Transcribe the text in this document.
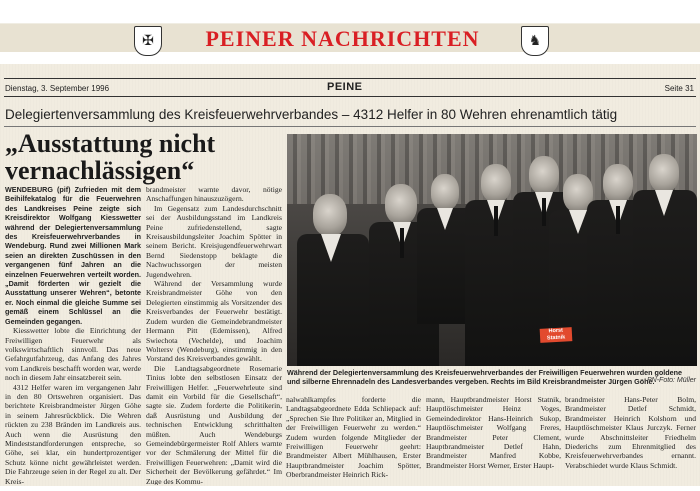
✠	PEINER NACHRICHTEN	♞
Dienstag, 3. September 1996	PEINE	Seite 31
Delegiertenversammlung des Kreisfeuerwehrverbandes – 4312 Helfer in 80 Wehren ehrenamtlich tätig
„Ausstattung nicht vernachlässigen“

WENDEBURG (pif) Zufrieden mit dem Beihilfekatalog für die Feuerwehren des Landkreises Peine zeigte sich Kreisdirektor Wolfgang Kiesswetter während der Delegiertenversammlung des Kreisfeuerwehrverbandes in Wendeburg. Rund zwei Millionen Mark seien an direkten Zuschüssen in den vergangenen fünf Jahren an die einzelnen Feuerwehren verteilt worden. „Damit förderten wir gezielt die Ausstattung unserer Wehren“, betonte er. Noch einmal die gleiche Summe sei gemäß einem Schlüssel an die Gemeinden gegangen.

Kiesswetter lobte die Einrichtung der Freiwilligen Feuerwehr als volkswirtschaftlich sinnvoll. Das neue Gefahrgutfahrzeug, das Anfang des Jahres vom Landkreis beschafft worden war, werde noch in diesem Jahr einsatzbereit sein.

4312 Helfer waren im vergangenen Jahr in den 80 Ortswehren organisiert. Das berichtete Kreisbrandmeister Jürgen Göhe in seinem Jahresrückblick. Die Wehren rückten zu 238 Bränden im Landkreis aus. Auch wenn die Ausrüstung den Mindeststandforderungen entspreche, so Göhe, sei klar, ein hundertprozentiger Schutz könne nicht gewährleistet werden. Die Fahrzeuge seien in der Regel zu alt. Der Kreis-

brandmeister warnte davor, nötige Anschaffungen hinauszuzögern.

Im Gegensatz zum Landesdurchschnitt sei der Ausbildungsstand im Landkreis Peine zufriedenstellend, sagte Kreisausbildungsleiter Joachim Spötter in seinem Bericht. Kreisjugendfeuerwehrwart Bernd Siedenstopp beklagte die Nachwuchssorgen der meisten Jugendwehren.

Während der Versammlung wurde Kreisbrandmeister Göhe von den Delegierten einstimmig als Vorsitzender des Kreisverbandes der Feuerwehr bestätigt. Zudem wurden die Gemeindebrandmeister Hermann Pitt (Edemissen), Alfred Swiechota (Vechelde), und Joachim Woltersv (Wendeburg), einstimmig in den Vorstand des Kreisverbandes gewählt.

Die Landtagsabgeordnete Rosemarie Tinius lobte den selbstlosen Einsatz der Freiwilligen Helfer. „Feuerwehrleute sind damit ein Vorbild für die Gesellschaft“, sagte sie. Zudem forderte die Politikerin, daß Ausrüstung und Ausbildung der technischen Entwicklung schritthalten müßten. Auch Wendeburgs Gemeindebürgermeister Rolf Ahlers warnte vor der Schmälerung der Mittel für die Freiwilligen Feuerwehren: „Damit wird die Sicherheit der Bevölkerung gefährdet.“ Im Zuge des Kommu-

Horst Statnik
Während der Delegiertenversammlung des Kreisfeuerwehrverbandes der Freiwilligen Feuerwehren wurden goldene und silberne Ehrennadeln des Landesverbandes vergeben. Rechts im Bild Kreisbrandmeister Jürgen Göhe.
PN-Foto: Müller
nalwahlkampfes forderte die Landtagsabgeordnete Edda Schliepack auf: „Sprechen Sie Ihre Politiker an, Mitglied in der Freiwilligen Feuerwehr zu werden.“ Zudem wurden folgende Mitglieder der Freiwilligen Feuerwehr geehrt: Brandmeister Albert Mühlhausen, Erster Hauptbrandmeister Joachim Spötter, Oberbrandmeister Heinrich Rick-
mann, Hauptbrandmeister Horst Statnik, Hauptlöschmeister Heinz Voges, Gemeindedirektor Hans-Heinrich Sukop, Hauptlöschmeister Wolfgang Freres, Brandmeister Peter Clement, Hauptbrandmeister Detlef Hahn, Brandmeister Manfred Kobbe, Brandmeister Horst Werner, Erster Haupt-
brandmeister Hans-Peter Bolm, Brandmeister Detlef Schmidt, Brandmeister Heinrich Kolshorn und Hauptlöschmeister Klaus Jurczyk. Ferner wurde Abschnittsleiter Friedhelm Diederichs zum Ehrenmitglied des Kreisfeuerwehrverbandes ernannt. Verabschiedet wurde Klaus Schmidt.
